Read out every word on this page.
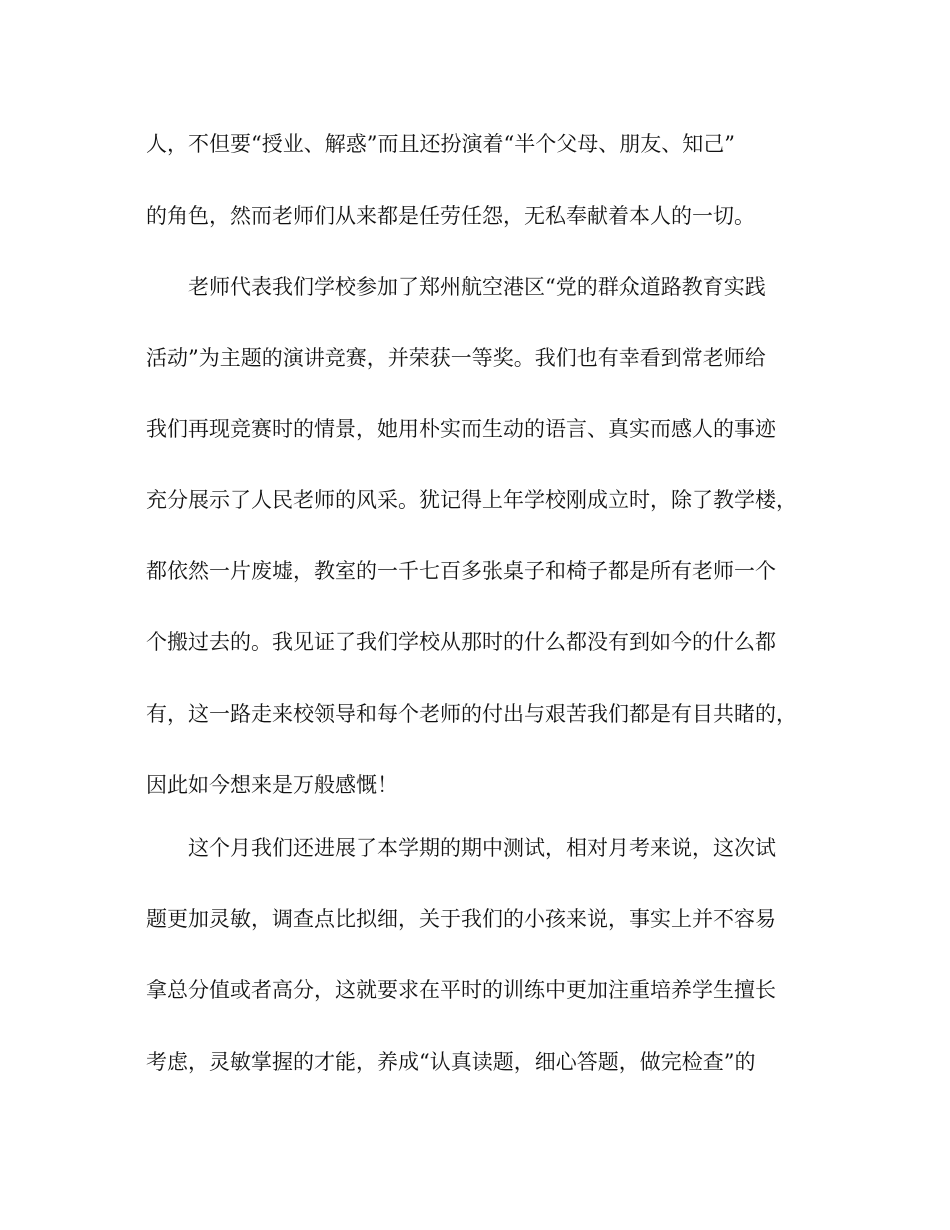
人，不但要“授业、解惑”而且还扮演着“半个父母、朋友、知己”

的角色，然而老师们从来都是任劳任怨，无私奉献着本人的一切。

老师代表我们学校参加了郑州航空港区“党的群众道路教育实践

活动”为主题的演讲竞赛，并荣获一等奖。我们也有幸看到常老师给

我们再现竞赛时的情景，她用朴实而生动的语言、真实而感人的事迹

充分展示了人民老师的风采。犹记得上年学校刚成立时，除了教学楼，

都依然一片废墟，教室的一千七百多张桌子和椅子都是所有老师一个

个搬过去的。我见证了我们学校从那时的什么都没有到如今的什么都

有，这一路走来校领导和每个老师的付出与艰苦我们都是有目共睹的，

因此如今想来是万般感慨！

这个月我们还进展了本学期的期中测试，相对月考来说，这次试

题更加灵敏，调查点比拟细，关于我们的小孩来说，事实上并不容易

拿总分值或者高分，这就要求在平时的训练中更加注重培养学生擅长

考虑，灵敏掌握的才能，养成“认真读题，细心答题，做完检查”的
